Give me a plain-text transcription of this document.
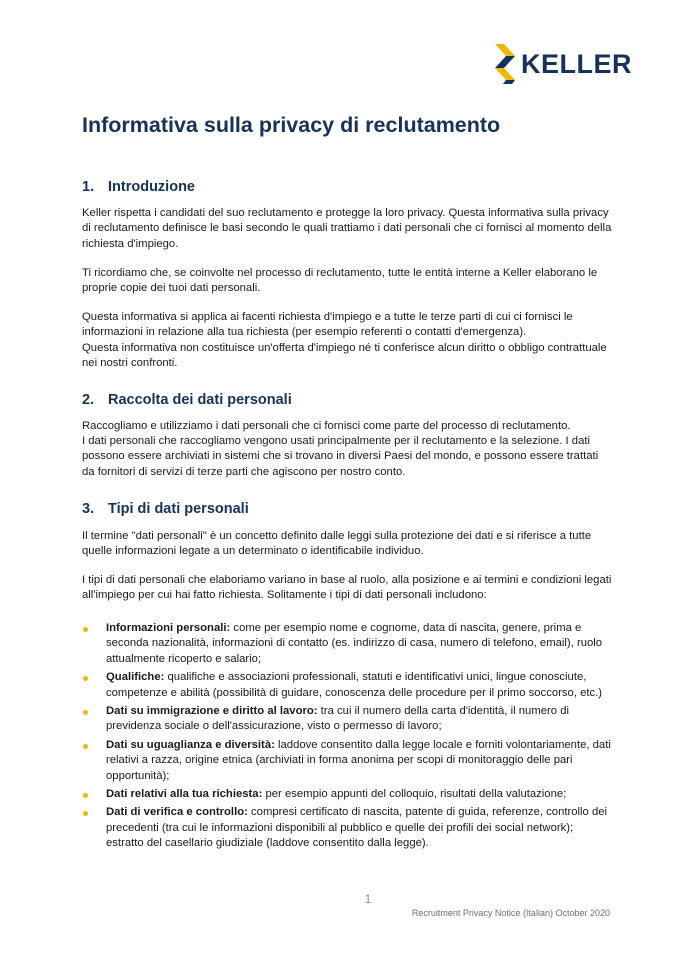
KELLER
Informativa sulla privacy di reclutamento
1. Introduzione

Keller rispetta i candidati del suo reclutamento e protegge la loro privacy. Questa informativa sulla privacy di reclutamento definisce le basi secondo le quali trattiamo i dati personali che ci fornisci al momento della richiesta d'impiego.

Ti ricordiamo che, se coinvolte nel processo di reclutamento, tutte le entità interne a Keller elaborano le proprie copie dei tuoi dati personali.

Questa informativa si applica ai facenti richiesta d'impiego e a tutte le terze parti di cui ci fornisci le informazioni in relazione alla tua richiesta (per esempio referenti o contatti d'emergenza).

Questa informativa non costituisce un'offerta d'impiego né ti conferisce alcun diritto o obbligo contrattuale nei nostri confronti.

2. Raccolta dei dati personali

Raccogliamo e utilizziamo i dati personali che ci fornisci come parte del processo di reclutamento.

I dati personali che raccogliamo vengono usati principalmente per il reclutamento e la selezione. I dati possono essere archiviati in sistemi che si trovano in diversi Paesi del mondo, e possono essere trattati da fornitori di servizi di terze parti che agiscono per nostro conto.

3. Tipi di dati personali

Il termine "dati personali" è un concetto definito dalle leggi sulla protezione dei dati e si riferisce a tutte quelle informazioni legate a un determinato o identificabile individuo.

I tipi di dati personali che elaboriamo variano in base al ruolo, alla posizione e ai termini e condizioni legati all'impiego per cui hai fatto richiesta. Solitamente i tipi di dati personali includono:

Informazioni personali: come per esempio nome e cognome, data di nascita, genere, prima e seconda nazionalità, informazioni di contatto (es. indirizzo di casa, numero di telefono, email), ruolo attualmente ricoperto e salario;
Qualifiche: qualifiche e associazioni professionali, statuti e identificativi unici, lingue conosciute, competenze e abilità (possibilità di guidare, conoscenza delle procedure per il primo soccorso, etc.)
Dati su immigrazione e diritto al lavoro: tra cui il numero della carta d'identità, il numero di previdenza sociale o dell'assicurazione, visto o permesso di lavoro;
Dati su uguaglianza e diversità: laddove consentito dalla legge locale e forniti volontariamente, dati relativi a razza, origine etnica (archiviati in forma anonima per scopi di monitoraggio delle pari opportunità);
Dati relativi alla tua richiesta: per esempio appunti del colloquio, risultati della valutazione;
Dati di verifica e controllo: compresi certificato di nascita, patente di guida, referenze, controllo dei precedenti (tra cui le informazioni disponibili al pubblico e quelle dei profili dei social network); estratto del casellario giudiziale (laddove consentito dalla legge).
1
Recruitment Privacy Notice (Italian) October 2020
